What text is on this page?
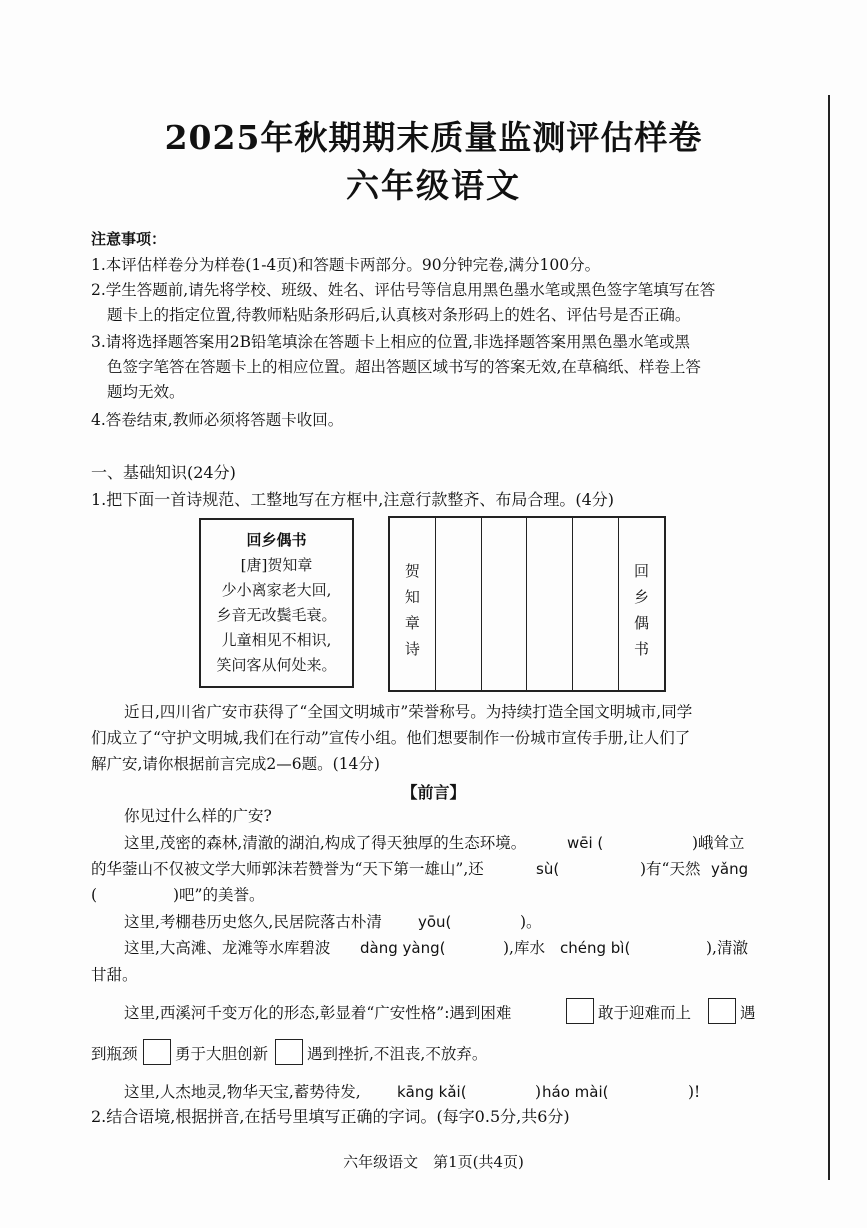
2025年秋期期末质量监测评估样卷
六年级语文
注意事项：
1.本评估样卷分为样卷(1-4页)和答题卡两部分。90分钟完卷,满分100分。
2.学生答题前,请先将学校、班级、姓名、评估号等信息用黑色墨水笔或黑色签字笔填写在答
题卡上的指定位置,待教师粘贴条形码后,认真核对条形码上的姓名、评估号是否正确。
3.请将选择题答案用2B铅笔填涂在答题卡上相应的位置,非选择题答案用黑色墨水笔或黑
色签字笔答在答题卡上的相应位置。超出答题区域书写的答案无效,在草稿纸、样卷上答
题均无效。
4.答卷结束,教师必须将答题卡收回。
一、基础知识(24分)
1.把下面一首诗规范、工整地写在方框中,注意行款整齐、布局合理。(4分)
回乡偶书
[唐]贺知章
少小离家老大回,
乡音无改鬓毛衰。
儿童相见不相识,
笑问客从何处来。
贺
知
章
诗
回
乡
偶
书
近日,四川省广安市获得了“全国文明城市”荣誉称号。为持续打造全国文明城市,同学
们成立了“守护文明城,我们在行动”宣传小组。他们想要制作一份城市宣传手册,让人们了
解广安,请你根据前言完成2—6题。(14分)
【前言】
你见过什么样的广安?
这里,茂密的森林,清澈的湖泊,构成了得天独厚的生态环境。	wēi (	)峨耸立
的华蓥山不仅被文学大师郭沫若赞誉为“天下第一雄山”,还	sù(	)有“天然 yǎng
(	)吧”的美誉。
这里,考棚巷历史悠久,民居院落古朴清 yōu(	)。
这里,大高滩、龙滩等水库碧波 dàng yàng(	),库水 chéng bì(	),清澈
甘甜。
这里,西溪河千变万化的形态,彰显着“广安性格”:遇到困难	敢于迎难而上	遇
到瓶颈 勇于大胆创新	遇到挫折,不沮丧,不放弃。
这里,人杰地灵,物华天宝,蓄势待发, kāng kǎi(	) háo mài(	)!
2.结合语境,根据拼音,在括号里填写正确的字词。(每字0.5分,共6分)
六年级语文　第1页(共4页)
